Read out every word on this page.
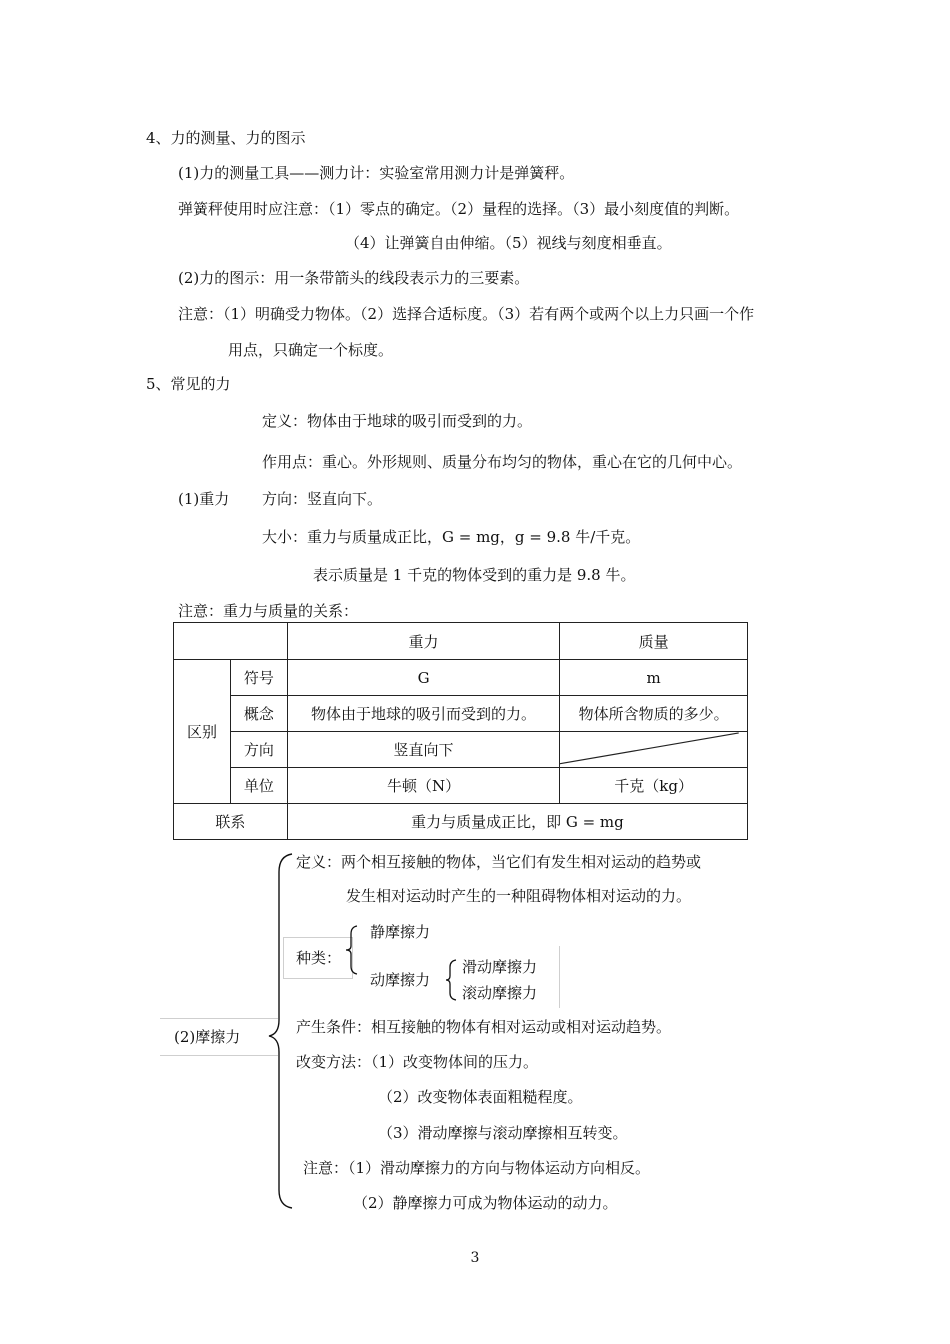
4、力的测量、力的图示
(1)力的测量工具——测力计：实验室常用测力计是弹簧秤。
弹簧秤使用时应注意：（1）零点的确定。（2）量程的选择。（3）最小刻度值的判断。
（4）让弹簧自由伸缩。（5）视线与刻度相垂直。
(2)力的图示：用一条带箭头的线段表示力的三要素。
注意：（1）明确受力物体。（2）选择合适标度。（3）若有两个或两个以上力只画一个作
用点，只确定一个标度。
5、常见的力
定义：物体由于地球的吸引而受到的力。
作用点：重心。外形规则、质量分布均匀的物体，重心在它的几何中心。
(1)重力 方向：竖直向下。
大小：重力与质量成正比，G = mg，g = 9.8 牛/千克。
表示质量是 1 千克的物体受到的重力是 9.8 牛。
注意：重力与质量的关系：
		重力	质量
区别	符号	G	m
	概念	物体由于地球的吸引而受到的力。	物体所含物质的多少。
	方向	竖直向下	

	单位	牛顿（N）	千克（kg）
联系		重力与质量成正比，即 G = mg	
(2)摩擦力
定义：两个相互接触的物体，当它们有发生相对运动的趋势或
发生相对运动时产生的一种阻碍物体相对运动的力。
种类：
静摩擦力
动摩擦力
滑动摩擦力
滚动摩擦力
产生条件：相互接触的物体有相对运动或相对运动趋势。
改变方法：（1）改变物体间的压力。
（2）改变物体表面粗糙程度。
（3）滑动摩擦与滚动摩擦相互转变。
注意：（1）滑动摩擦力的方向与物体运动方向相反。
（2）静摩擦力可成为物体运动的动力。
3
